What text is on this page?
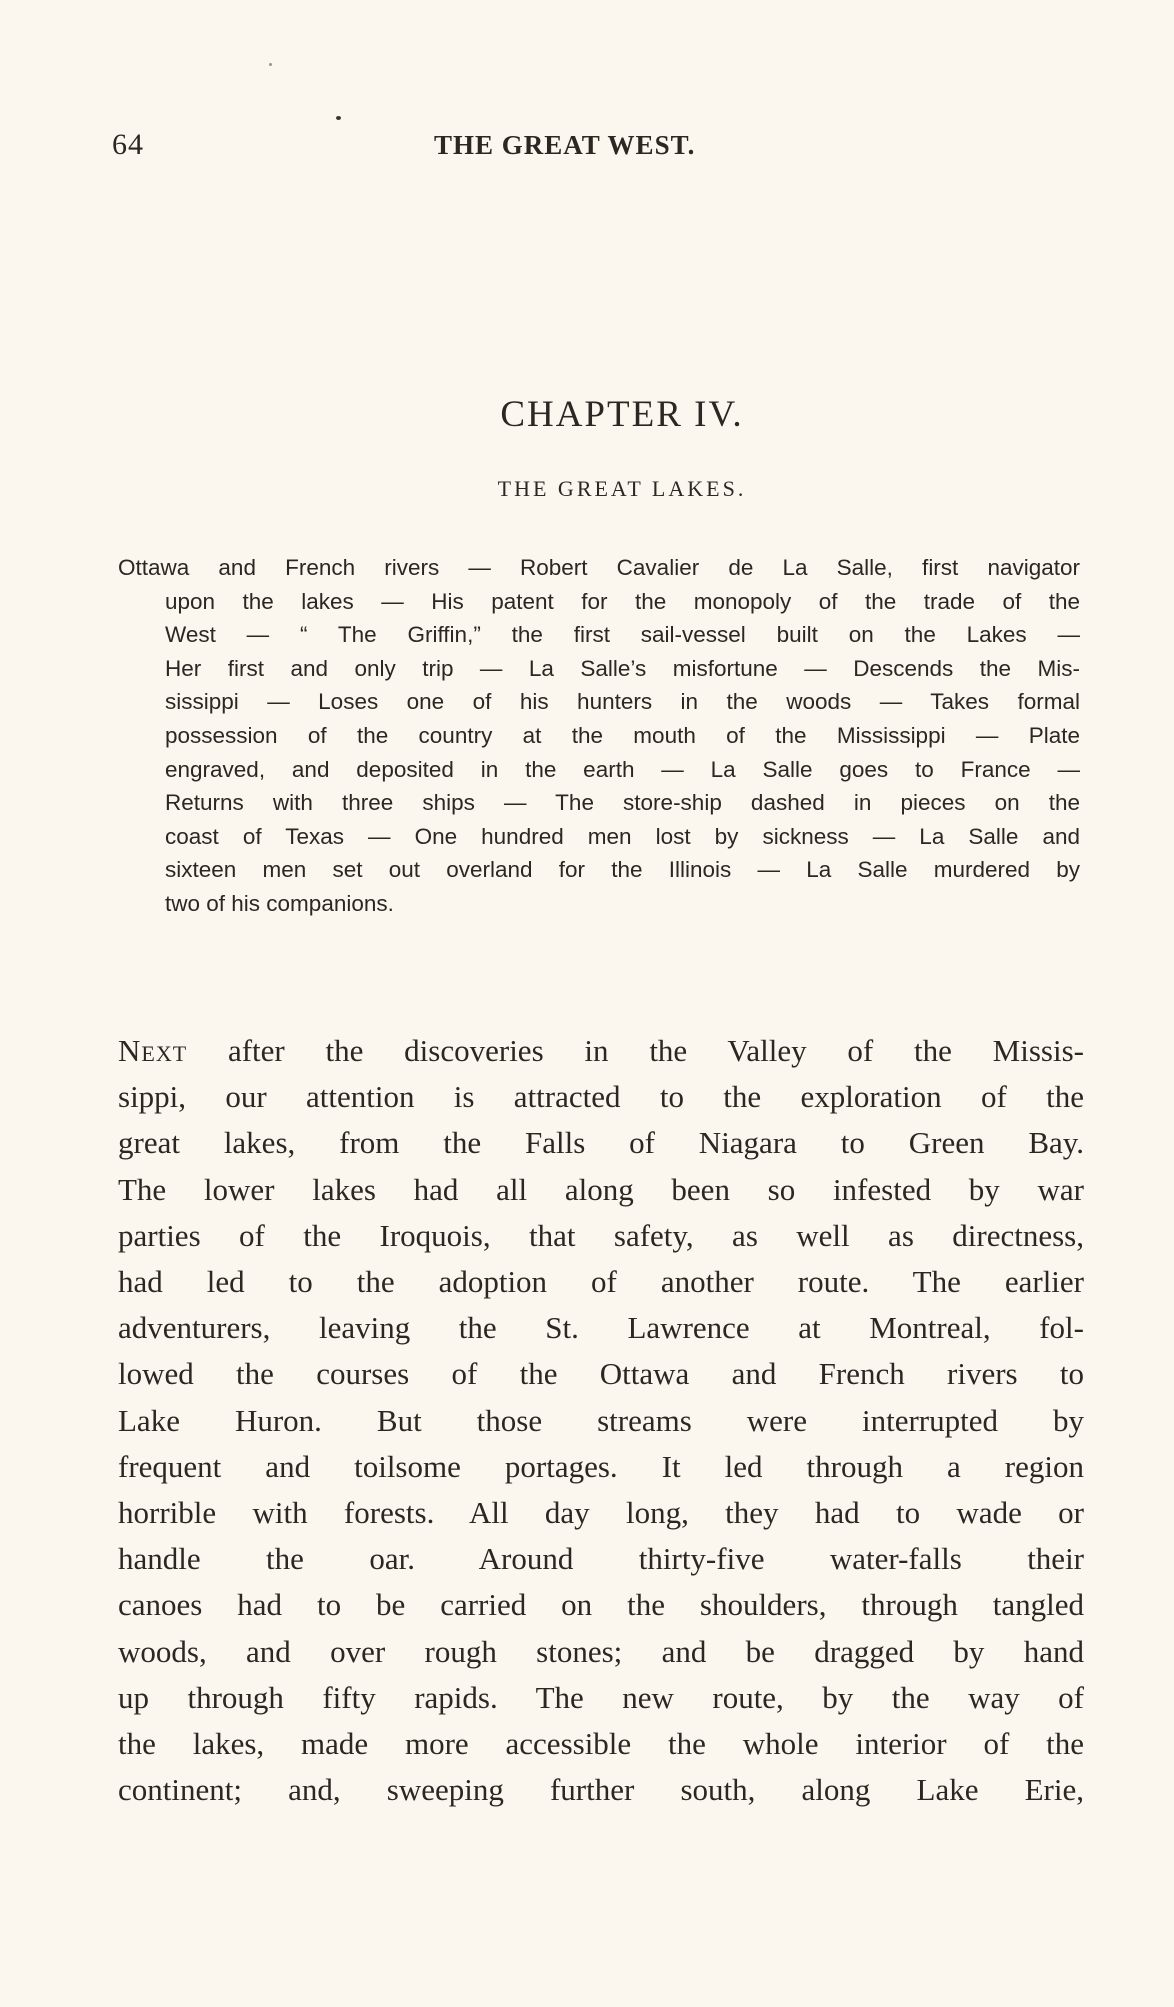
64	THE GREAT WEST.
CHAPTER IV.
THE GREAT LAKES.
Ottawa and French rivers — Robert Cavalier de La Salle, first navigator
upon the lakes — His patent for the monopoly of the trade of the
West — “ The Griffin,” the first sail-vessel built on the Lakes —
Her first and only trip — La Salle’s misfortune — Descends the Mis-
sissippi — Loses one of his hunters in the woods — Takes formal
possession of the country at the mouth of the Mississippi — Plate
engraved, and deposited in the earth — La Salle goes to France —
Returns with three ships — The store-ship dashed in pieces on the
coast of Texas — One hundred men lost by sickness — La Salle and
sixteen men set out overland for the Illinois — La Salle murdered by
two of his companions.
Next after the discoveries in the Valley of the Missis-
sippi, our attention is attracted to the exploration of the
great lakes, from the Falls of Niagara to Green Bay.
The lower lakes had all along been so infested by war
parties of the Iroquois, that safety, as well as directness,
had led to the adoption of another route. The earlier
adventurers, leaving the St. Lawrence at Montreal, fol-
lowed the courses of the Ottawa and French rivers to
Lake Huron. But those streams were interrupted by
frequent and toilsome portages. It led through a region
horrible with forests. All day long, they had to wade or
handle the oar. Around thirty-five water-falls their
canoes had to be carried on the shoulders, through tangled
woods, and over rough stones; and be dragged by hand
up through fifty rapids. The new route, by the way of
the lakes, made more accessible the whole interior of the
continent; and, sweeping further south, along Lake Erie,
